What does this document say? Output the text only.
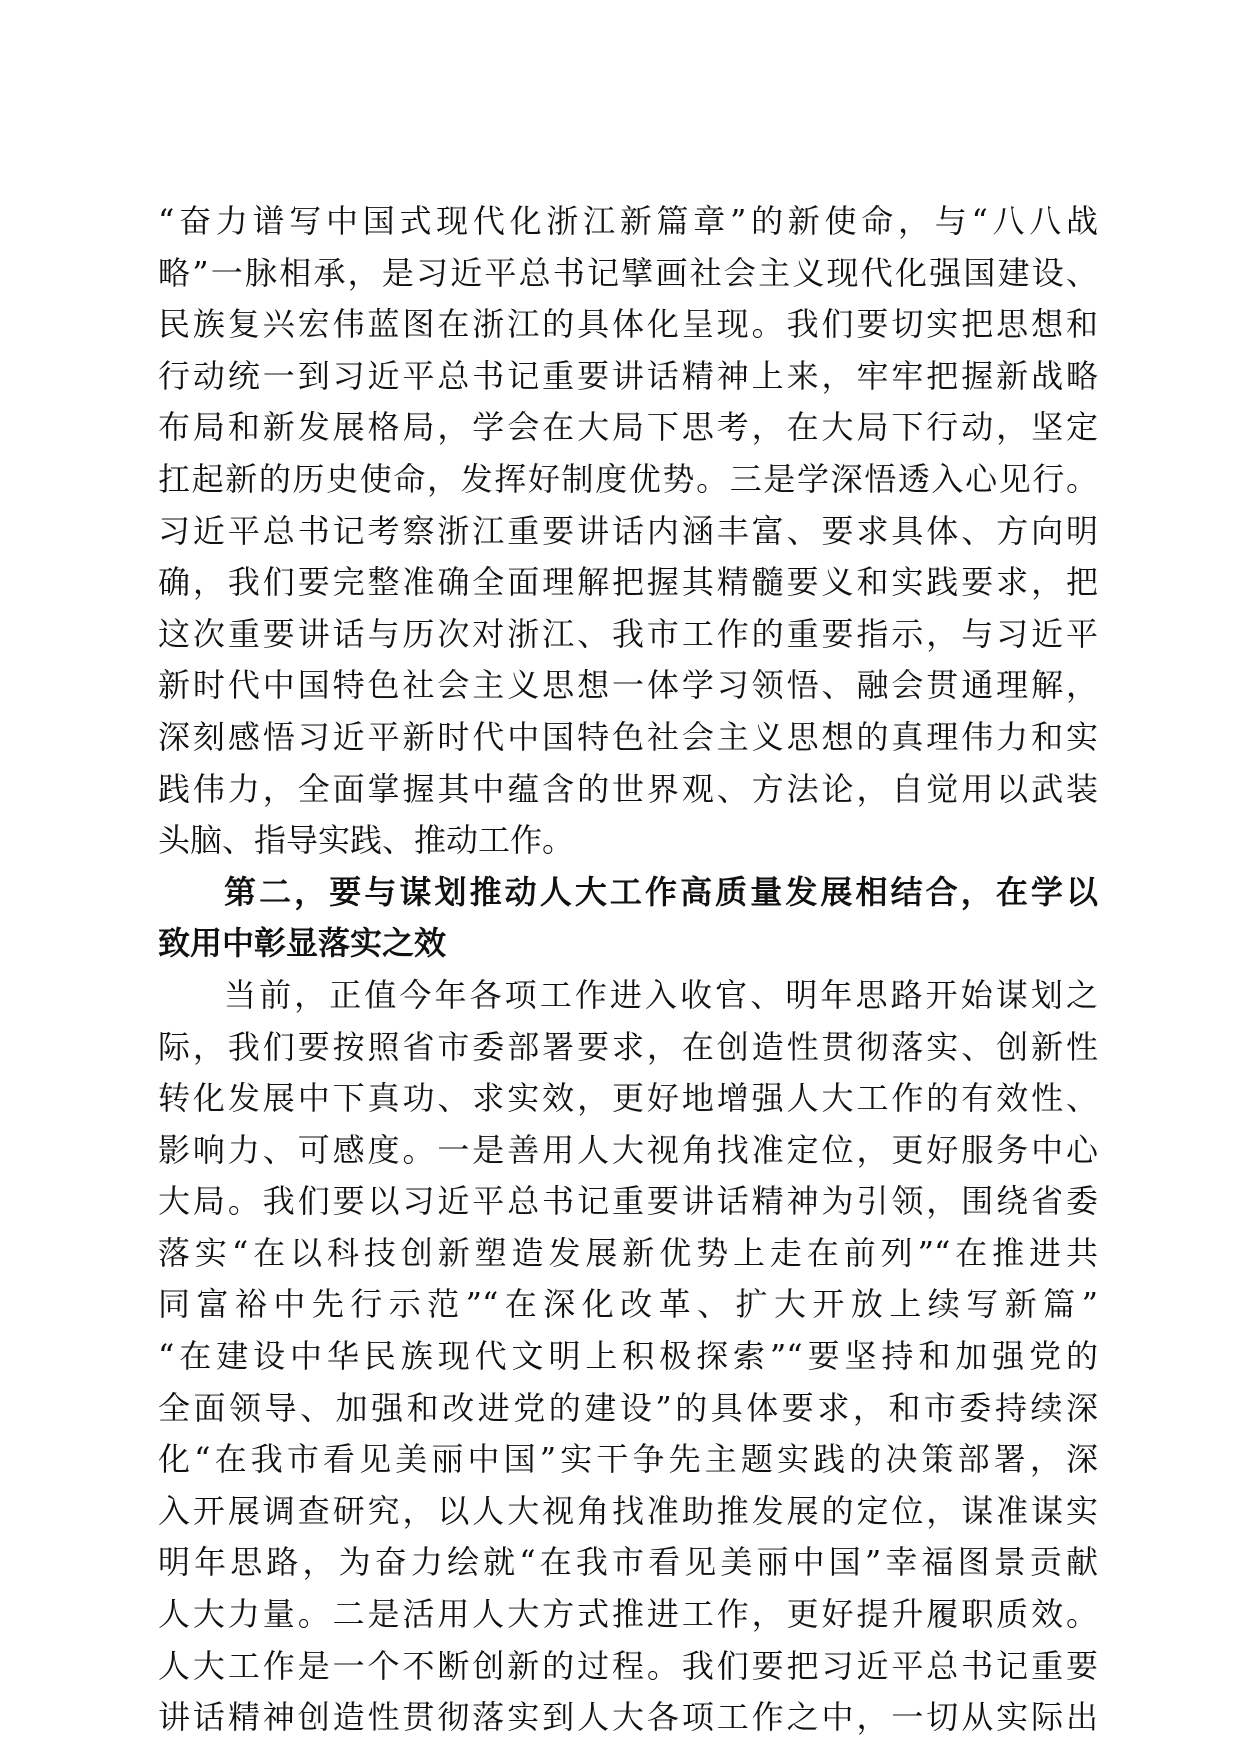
“奋力谱写中国式现代化浙江新篇章”的新使命，与“八八战
略”一脉相承，是习近平总书记擘画社会主义现代化强国建设、
民族复兴宏伟蓝图在浙江的具体化呈现。我们要切实把思想和
行动统一到习近平总书记重要讲话精神上来，牢牢把握新战略
布局和新发展格局，学会在大局下思考，在大局下行动，坚定
扛起新的历史使命，发挥好制度优势。三是学深悟透入心见行。
习近平总书记考察浙江重要讲话内涵丰富、要求具体、方向明
确，我们要完整准确全面理解把握其精髓要义和实践要求，把
这次重要讲话与历次对浙江、我市工作的重要指示，与习近平
新时代中国特色社会主义思想一体学习领悟、融会贯通理解，
深刻感悟习近平新时代中国特色社会主义思想的真理伟力和实
践伟力，全面掌握其中蕴含的世界观、方法论，自觉用以武装
头脑、指导实践、推动工作。
第二，要与谋划推动人大工作高质量发展相结合，在学以
致用中彰显落实之效
当前，正值今年各项工作进入收官、明年思路开始谋划之
际，我们要按照省市委部署要求，在创造性贯彻落实、创新性
转化发展中下真功、求实效，更好地增强人大工作的有效性、
影响力、可感度。一是善用人大视角找准定位，更好服务中心
大局。我们要以习近平总书记重要讲话精神为引领，围绕省委
落实“在以科技创新塑造发展新优势上走在前列”“在推进共
同富裕中先行示范”“在深化改革、扩大开放上续写新篇”
“在建设中华民族现代文明上积极探索”“要坚持和加强党的
全面领导、加强和改进党的建设”的具体要求，和市委持续深
化“在我市看见美丽中国”实干争先主题实践的决策部署，深
入开展调查研究，以人大视角找准助推发展的定位，谋准谋实
明年思路，为奋力绘就“在我市看见美丽中国”幸福图景贡献
人大力量。二是活用人大方式推进工作，更好提升履职质效。
人大工作是一个不断创新的过程。我们要把习近平总书记重要
讲话精神创造性贯彻落实到人大各项工作之中，一切从实际出
